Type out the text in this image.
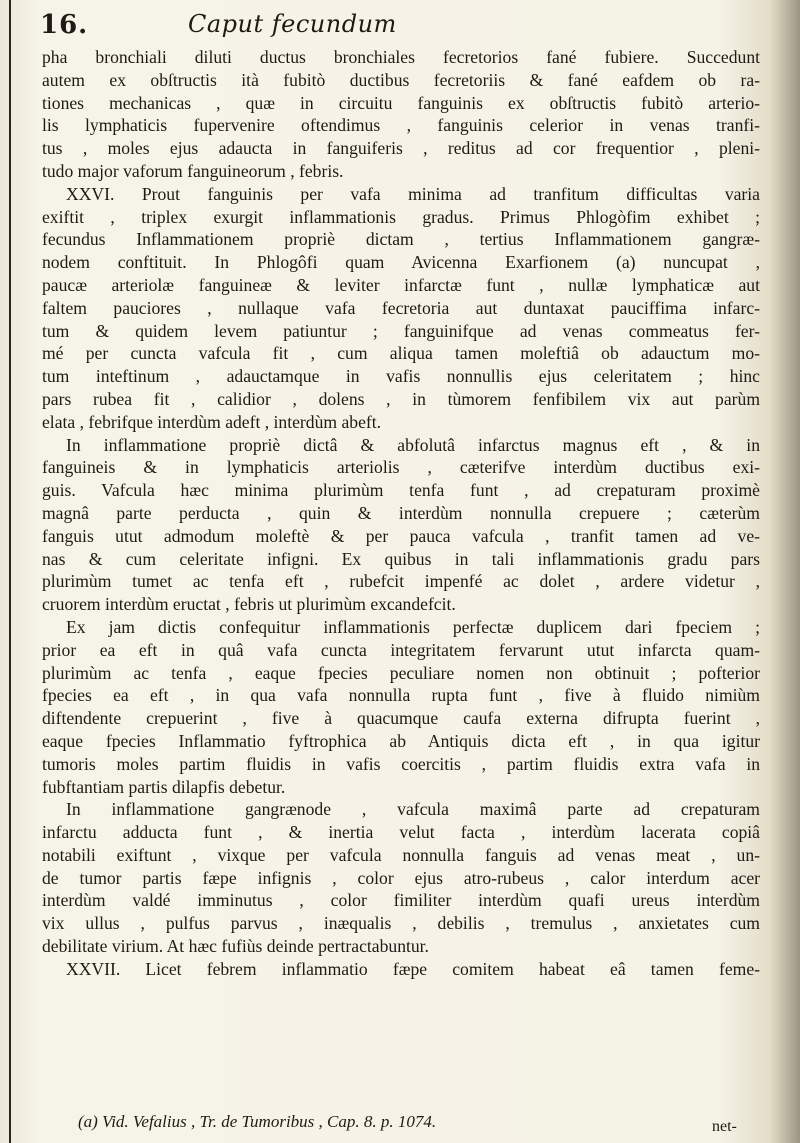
16.	Caput fecundum
pha bronchiali diluti ductus bronchiales fecretorios fané fubiere. Succedunt
autem ex obſtructis ità fubitò ductibus fecretoriis & fané eafdem ob ra-
tiones mechanicas , quæ in circuitu fanguinis ex obſtructis fubitò arterio-
lis lymphaticis fupervenire oftendimus , fanguinis celerior in venas tranfi-
tus , moles ejus adaucta in fanguiferis , reditus ad cor frequentior , pleni-
tudo major vaforum fanguineorum , febris.
XXVI. Prout fanguinis per vafa minima ad tranfitum difficultas varia
exiftit , triplex exurgit inflammationis gradus. Primus Phlogòfim exhibet ;
fecundus Inflammationem propriè dictam , tertius Inflammationem gangræ-
nodem conftituit. In Phlogôfi quam Avicenna Exarfionem (a) nuncupat ,
paucæ arteriolæ fanguineæ & leviter infarctæ funt , nullæ lymphaticæ aut
faltem pauciores , nullaque vafa fecretoria aut duntaxat pauciffima infarc-
tum & quidem levem patiuntur ; fanguinifque ad venas commeatus fer-
mé per cuncta vafcula fit , cum aliqua tamen moleftiâ ob adauctum mo-
tum inteftinum , adauctamque in vafis nonnullis ejus celeritatem ; hinc
pars rubea fit , calidior , dolens , in tùmorem fenfibilem vix aut parùm
elata , febrifque interdùm adeft , interdùm abeft.
In inflammatione propriè dictâ & abfolutâ infarctus magnus eft , & in
fanguineis & in lymphaticis arteriolis , cæterifve interdùm ductibus exi-
guis. Vafcula hæc minima plurimùm tenfa funt , ad crepaturam proximè
magnâ parte perducta , quin & interdùm nonnulla crepuere ; cæterùm
fanguis utut admodum moleftè & per pauca vafcula , tranfit tamen ad ve-
nas & cum celeritate infigni. Ex quibus in tali inflammationis gradu pars
plurimùm tumet ac tenfa eft , rubefcit impenfé ac dolet , ardere videtur ,
cruorem interdùm eructat , febris ut plurimùm excandefcit.
Ex jam dictis confequitur inflammationis perfectæ duplicem dari fpeciem ;
prior ea eft in quâ vafa cuncta integritatem fervarunt utut infarcta quam-
plurimùm ac tenfa , eaque fpecies peculiare nomen non obtinuit ; pofterior
fpecies ea eft , in qua vafa nonnulla rupta funt , five à fluido nimiùm
diftendente crepuerint , five à quacumque caufa externa difrupta fuerint ,
eaque fpecies Inflammatio fyftrophica ab Antiquis dicta eft , in qua igitur
tumoris moles partim fluidis in vafis coercitis , partim fluidis extra vafa in
fubftantiam partis dilapfis debetur.
In inflammatione gangrænode , vafcula maximâ parte ad crepaturam
infarctu adducta funt , & inertia velut facta , interdùm lacerata copiâ
notabili exiftunt , vixque per vafcula nonnulla fanguis ad venas meat , un-
de tumor partis fæpe infignis , color ejus atro-rubeus , calor interdum acer
interdùm valdé imminutus , color fimiliter interdùm quafi ureus interdùm
vix ullus , pulfus parvus , inæqualis , debilis , tremulus , anxietates cum
debilitate virium. At hæc fufiùs deinde pertractabuntur.
XXVII. Licet febrem inflammatio fæpe comitem habeat eâ tamen feme-
(a) Vid. Vefalius , Tr. de Tumoribus , Cap. 8. p. 1074.	net-
